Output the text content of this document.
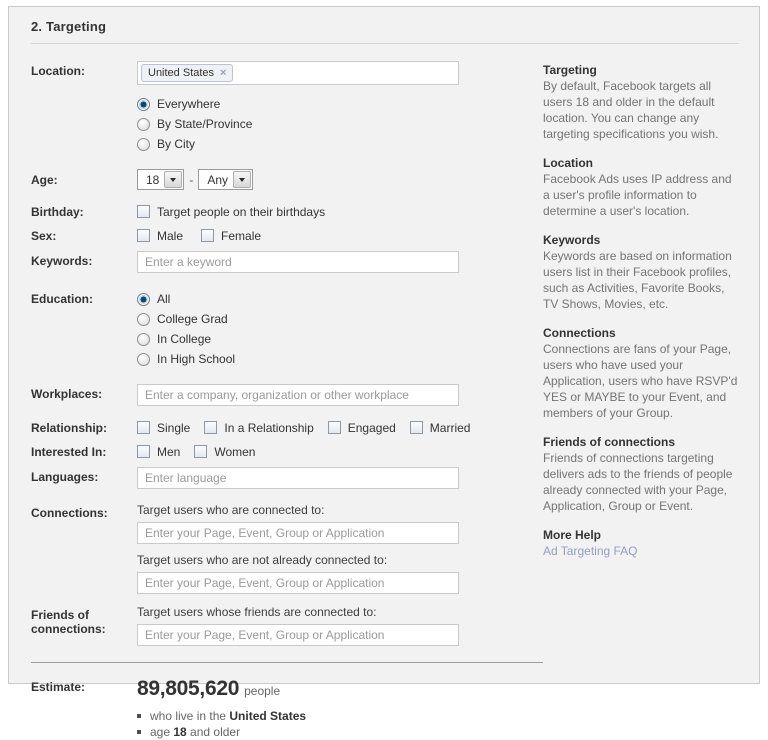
2. Targeting
Location:	United States ×
Everywhere
By State/Province
By City
Age:	18	-	Any
Birthday:	Target people on their birthdays
Sex:	Male	Female
Keywords:
Enter a keyword
Education:	All
College Grad
In College
In High School
Workplaces:
Enter a company, organization or other workplace
Relationship:	Single	In a Relationship	Engaged	Married
Interested In:	Men	Women
Languages:
Enter language
Connections:	Target users who are connected to:

Enter your Page, Event, Group or Application

Target users who are not already connected to:

Enter your Page, Event, Group or Application
Friends of connections:

Target users whose friends are connected to:

Enter your Page, Event, Group or Application
Estimate:	89,805,620 people
who live in the United States
age 18 and older

Targeting

By default, Facebook targets all users 18 and older in the default location. You can change any targeting specifications you wish.

Location

Facebook Ads uses IP address and a user's profile information to determine a user's location.

Keywords

Keywords are based on information users list in their Facebook profiles, such as Activities, Favorite Books, TV Shows, Movies, etc.

Connections

Connections are fans of your Page, users who have used your Application, users who have RSVP'd YES or MAYBE to your Event, and members of your Group.

Friends of connections

Friends of connections targeting delivers ads to the friends of people already connected with your Page, Application, Group or Event.

More Help

Ad Targeting FAQ
